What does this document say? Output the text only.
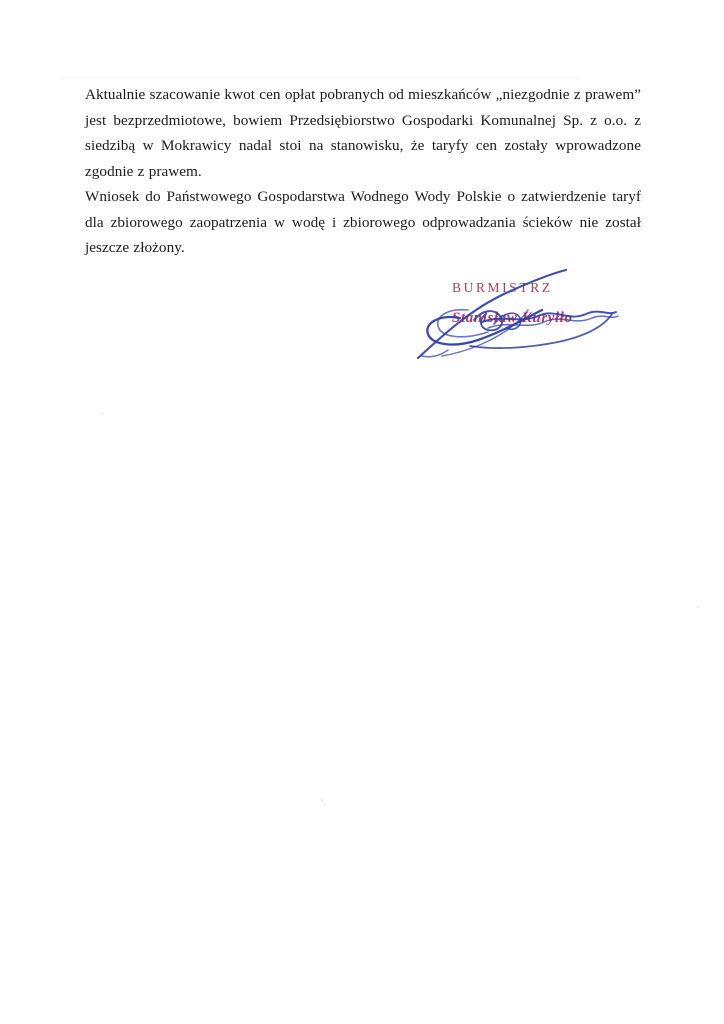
Aktualnie szacowanie kwot cen opłat pobranych od mieszkańców „niezgodnie z prawem” jest bezprzedmiotowe, bowiem Przedsiębiorstwo Gospodarki Komunalnej Sp. z o.o. z siedzibą w Mokrawicy nadal stoi na stanowisku, że taryfy cen zostały wprowadzone zgodnie z prawem.

Wniosek do Państwowego Gospodarstwa Wodnego Wody Polskie o zatwierdzenie taryf dla zbiorowego zaopatrzenia w wodę i zbiorowego odprowadzania ścieków nie został jeszcze złożony.

BURMISTRZ
Stanisław Kuryłło
